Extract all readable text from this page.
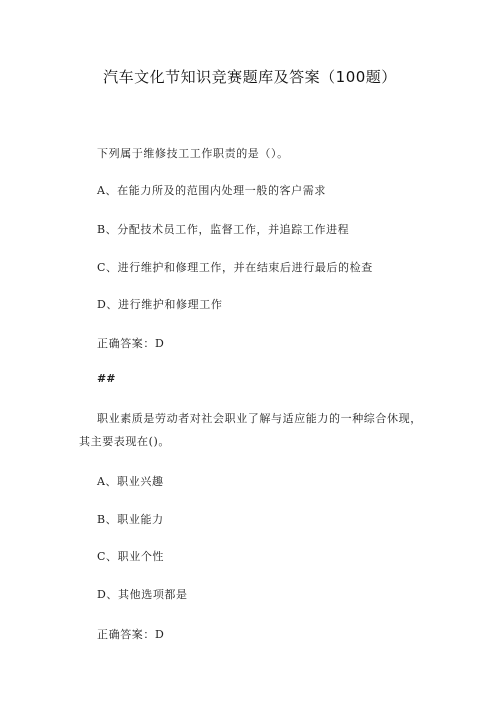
汽车文化节知识竞赛题库及答案（100题）
下列属于维修技工工作职责的是（）。
A、在能力所及的范围内处理一般的客户需求
B、分配技术员工作，监督工作，并追踪工作进程
C、进行维护和修理工作，并在结束后进行最后的检查
D、进行维护和修理工作
正确答案：D
##
职业素质是劳动者对社会职业了解与适应能力的一种综合休现，
其主要表现在()。
A、职业兴趣
B、职业能力
C、职业个性
D、其他选项都是
正确答案：D
